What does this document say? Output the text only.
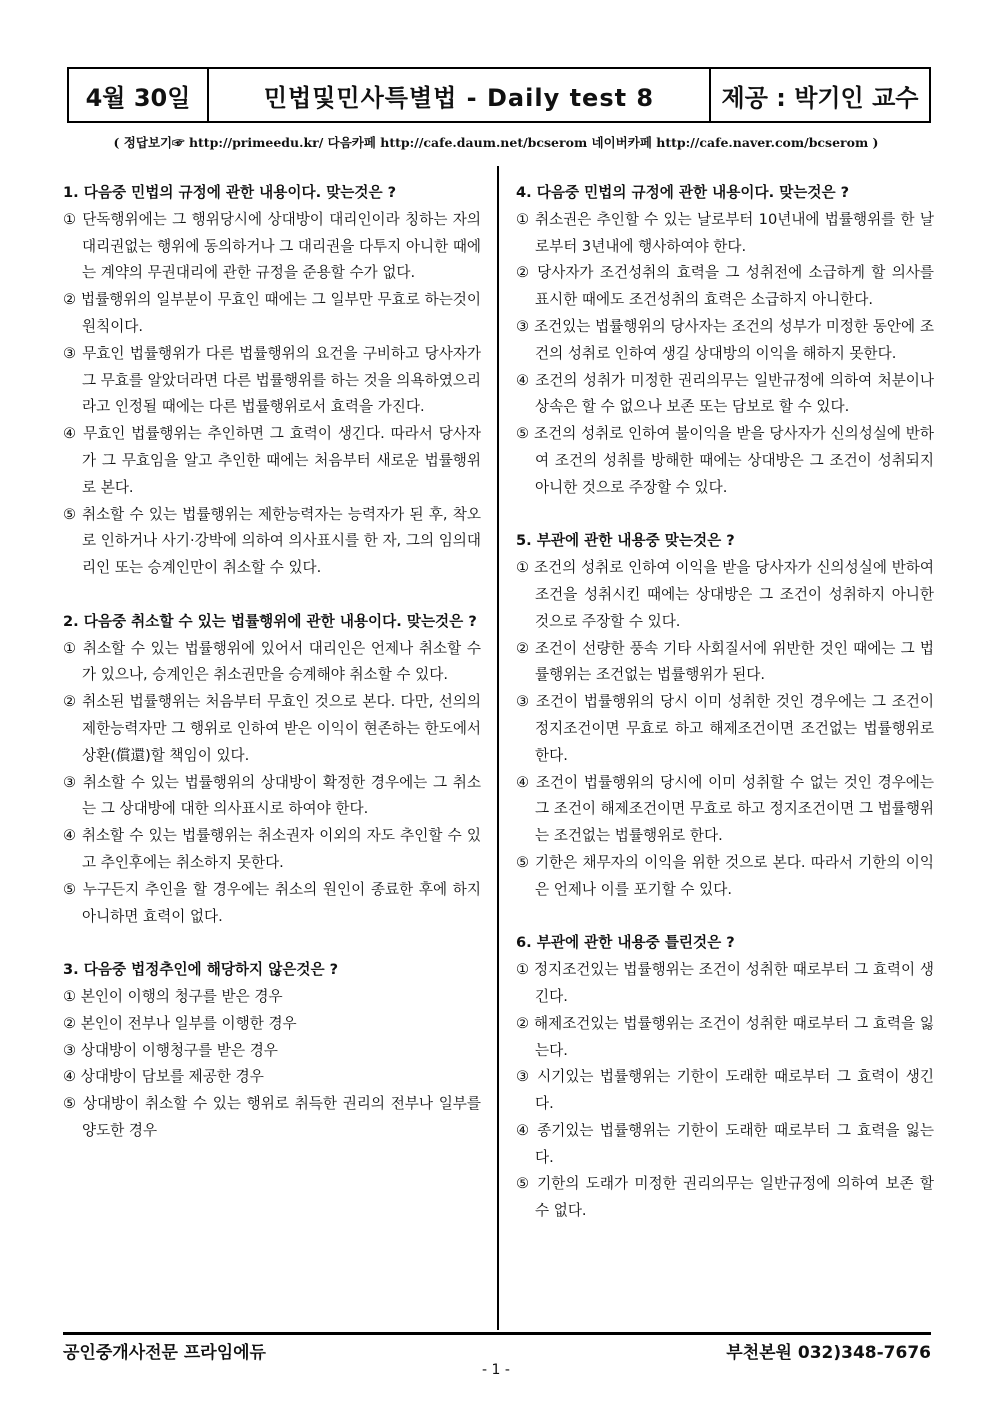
4월 30일	민법및민사특별법 - Daily test 8	제공 : 박기인 교수
( 정답보기☞ http://primeedu.kr/ 다음카페 http://cafe.daum.net/bcserom 네이버카페 http://cafe.naver.com/bcserom )
1. 다음중 민법의 규정에 관한 내용이다. 맞는것은 ?
① 단독행위에는 그 행위당시에 상대방이 대리인이라 칭하는 자의 대리권없는 행위에 동의하거나 그 대리권을 다투지 아니한 때에는 계약의 무권대리에 관한 규정을 준용할 수가 없다.
② 법률행위의 일부분이 무효인 때에는 그 일부만 무효로 하는것이 원칙이다.
③ 무효인 법률행위가 다른 법률행위의 요건을 구비하고 당사자가 그 무효를 알았더라면 다른 법률행위를 하는 것을 의욕하였으리라고 인정될 때에는 다른 법률행위로서 효력을 가진다.
④ 무효인 법률행위는 추인하면 그 효력이 생긴다. 따라서 당사자가 그 무효임을 알고 추인한 때에는 처음부터 새로운 법률행위로 본다.
⑤ 취소할 수 있는 법률행위는 제한능력자는 능력자가 된 후, 착오로 인하거나 사기·강박에 의하여 의사표시를 한 자, 그의 임의대리인 또는 승계인만이 취소할 수 있다.
2. 다음중 취소할 수 있는 법률행위에 관한 내용이다. 맞는것은 ?
① 취소할 수 있는 법률행위에 있어서 대리인은 언제나 취소할 수가 있으나, 승계인은 취소권만을 승계해야 취소할 수 있다.
② 취소된 법률행위는 처음부터 무효인 것으로 본다. 다만, 선의의 제한능력자만 그 행위로 인하여 받은 이익이 현존하는 한도에서 상환(償還)할 책임이 있다.
③ 취소할 수 있는 법률행위의 상대방이 확정한 경우에는 그 취소는 그 상대방에 대한 의사표시로 하여야 한다.
④ 취소할 수 있는 법률행위는 취소권자 이외의 자도 추인할 수 있고 추인후에는 취소하지 못한다.
⑤ 누구든지 추인을 할 경우에는 취소의 원인이 종료한 후에 하지 아니하면 효력이 없다.
3. 다음중 법정추인에 해당하지 않은것은 ?
① 본인이 이행의 청구를 받은 경우
② 본인이 전부나 일부를 이행한 경우
③ 상대방이 이행청구를 받은 경우
④ 상대방이 담보를 제공한 경우
⑤ 상대방이 취소할 수 있는 행위로 취득한 권리의 전부나 일부를 양도한 경우
4. 다음중 민법의 규정에 관한 내용이다. 맞는것은 ?
① 취소권은 추인할 수 있는 날로부터 10년내에 법률행위를 한 날로부터 3년내에 행사하여야 한다.
② 당사자가 조건성취의 효력을 그 성취전에 소급하게 할 의사를 표시한 때에도 조건성취의 효력은 소급하지 아니한다.
③ 조건있는 법률행위의 당사자는 조건의 성부가 미정한 동안에 조건의 성취로 인하여 생길 상대방의 이익을 해하지 못한다.
④ 조건의 성취가 미정한 권리의무는 일반규정에 의하여 처분이나 상속은 할 수 없으나 보존 또는 담보로 할 수 있다.
⑤ 조건의 성취로 인하여 불이익을 받을 당사자가 신의성실에 반하여 조건의 성취를 방해한 때에는 상대방은 그 조건이 성취되지 아니한 것으로 주장할 수 있다.
5. 부관에 관한 내용중 맞는것은 ?
① 조건의 성취로 인하여 이익을 받을 당사자가 신의성실에 반하여 조건을 성취시킨 때에는 상대방은 그 조건이 성취하지 아니한 것으로 주장할 수 있다.
② 조건이 선량한 풍속 기타 사회질서에 위반한 것인 때에는 그 법률행위는 조건없는 법률행위가 된다.
③ 조건이 법률행위의 당시 이미 성취한 것인 경우에는 그 조건이 정지조건이면 무효로 하고 해제조건이면 조건없는 법률행위로 한다.
④ 조건이 법률행위의 당시에 이미 성취할 수 없는 것인 경우에는 그 조건이 해제조건이면 무효로 하고 정지조건이면 그 법률행위는 조건없는 법률행위로 한다.
⑤ 기한은 채무자의 이익을 위한 것으로 본다. 따라서 기한의 이익은 언제나 이를 포기할 수 있다.
6. 부관에 관한 내용중 틀린것은 ?
① 정지조건있는 법률행위는 조건이 성취한 때로부터 그 효력이 생긴다.
② 해제조건있는 법률행위는 조건이 성취한 때로부터 그 효력을 잃는다.
③ 시기있는 법률행위는 기한이 도래한 때로부터 그 효력이 생긴다.
④ 종기있는 법률행위는 기한이 도래한 때로부터 그 효력을 잃는다.
⑤ 기한의 도래가 미정한 권리의무는 일반규정에 의하여 보존 할 수 없다.
공인중개사전문 프라임에듀	부천본원 032)348-7676
- 1 -
